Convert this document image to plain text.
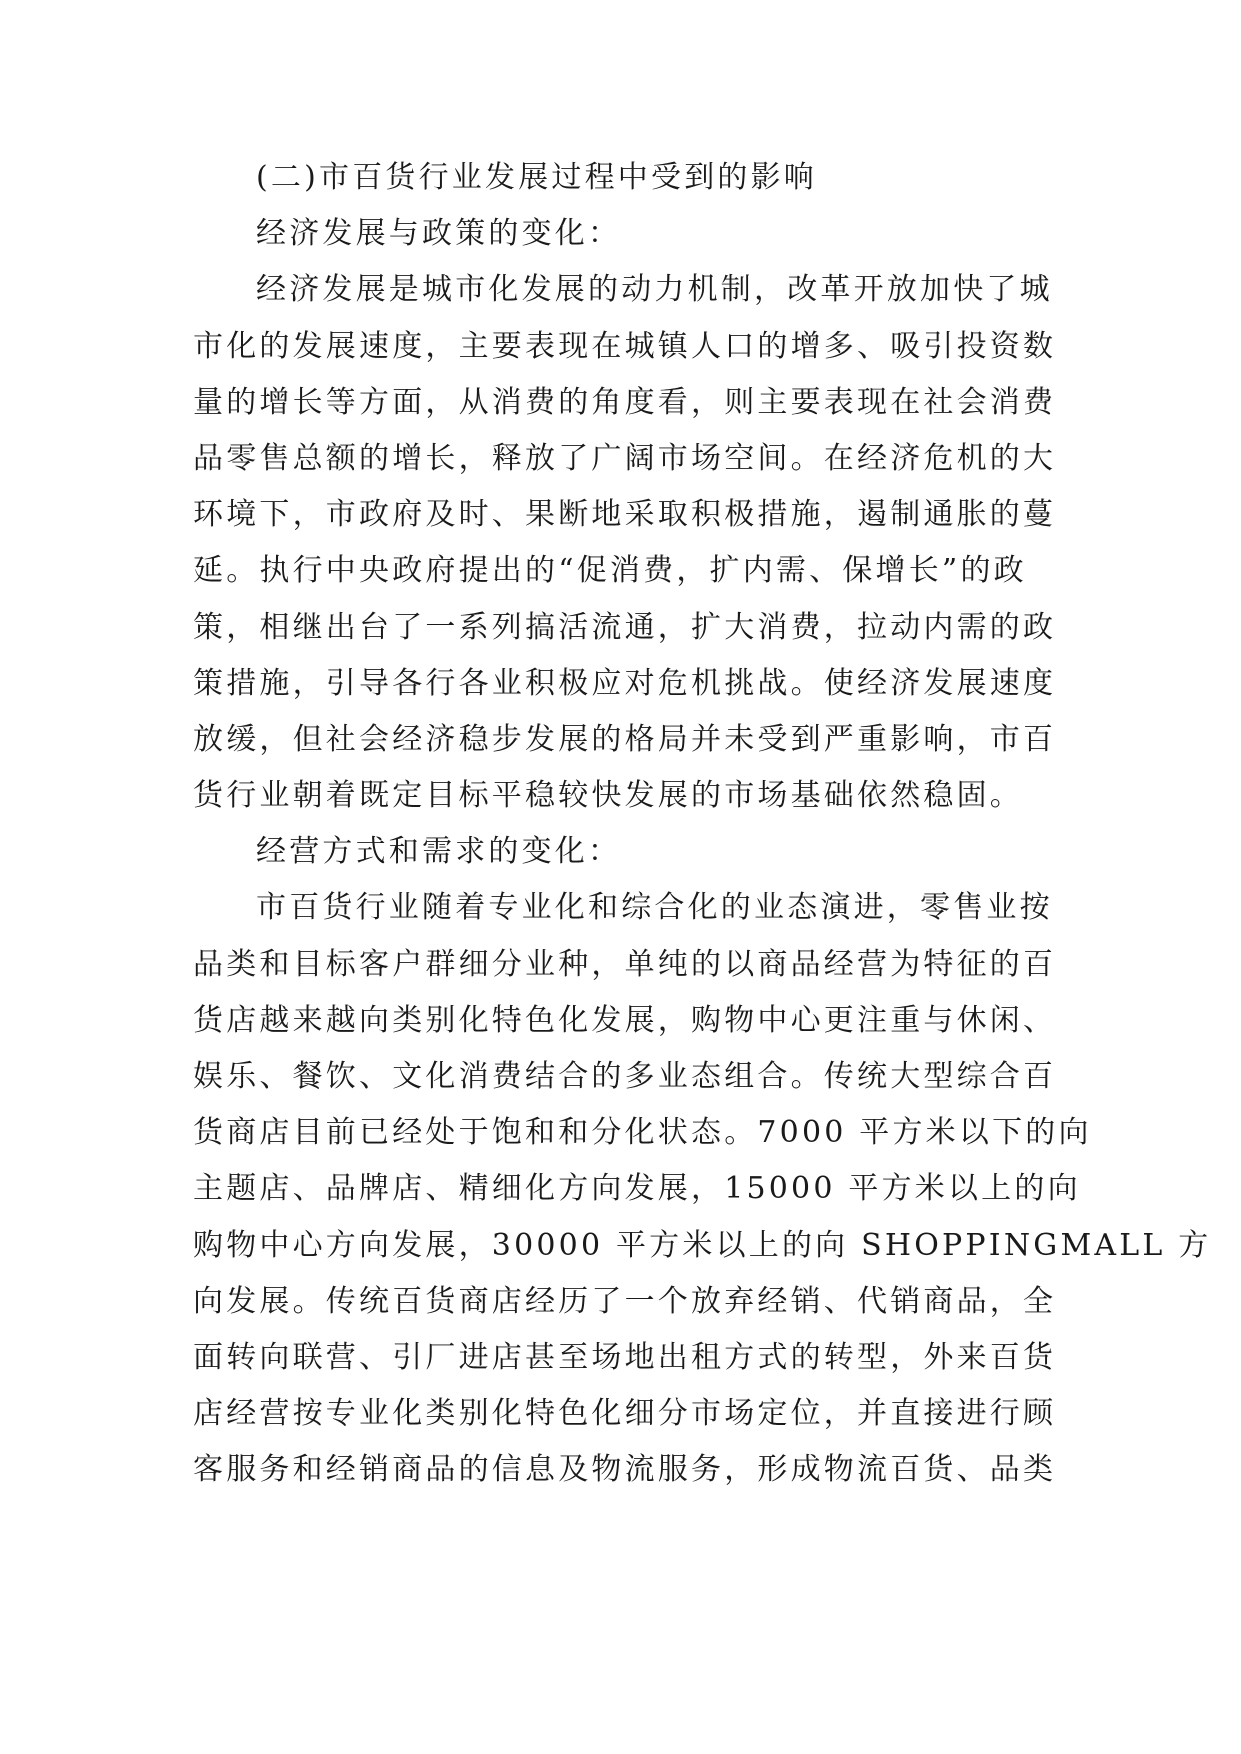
(二)市百货行业发展过程中受到的影响
经济发展与政策的变化：
经济发展是城市化发展的动力机制，改革开放加快了城
市化的发展速度，主要表现在城镇人口的增多、吸引投资数
量的增长等方面，从消费的角度看，则主要表现在社会消费
品零售总额的增长，释放了广阔市场空间。在经济危机的大
环境下，市政府及时、果断地采取积极措施，遏制通胀的蔓
延。执行中央政府提出的“促消费，扩内需、保增长”的政
策，相继出台了一系列搞活流通，扩大消费，拉动内需的政
策措施，引导各行各业积极应对危机挑战。使经济发展速度
放缓，但社会经济稳步发展的格局并未受到严重影响，市百
货行业朝着既定目标平稳较快发展的市场基础依然稳固。
经营方式和需求的变化：
市百货行业随着专业化和综合化的业态演进，零售业按
品类和目标客户群细分业种，单纯的以商品经营为特征的百
货店越来越向类别化特色化发展，购物中心更注重与休闲、
娱乐、餐饮、文化消费结合的多业态组合。传统大型综合百
货商店目前已经处于饱和和分化状态。7000 平方米以下的向
主题店、品牌店、精细化方向发展，15000 平方米以上的向
购物中心方向发展，30000 平方米以上的向 SHOPPINGMALL 方
向发展。传统百货商店经历了一个放弃经销、代销商品，全
面转向联营、引厂进店甚至场地出租方式的转型，外来百货
店经营按专业化类别化特色化细分市场定位，并直接进行顾
客服务和经销商品的信息及物流服务，形成物流百货、品类
